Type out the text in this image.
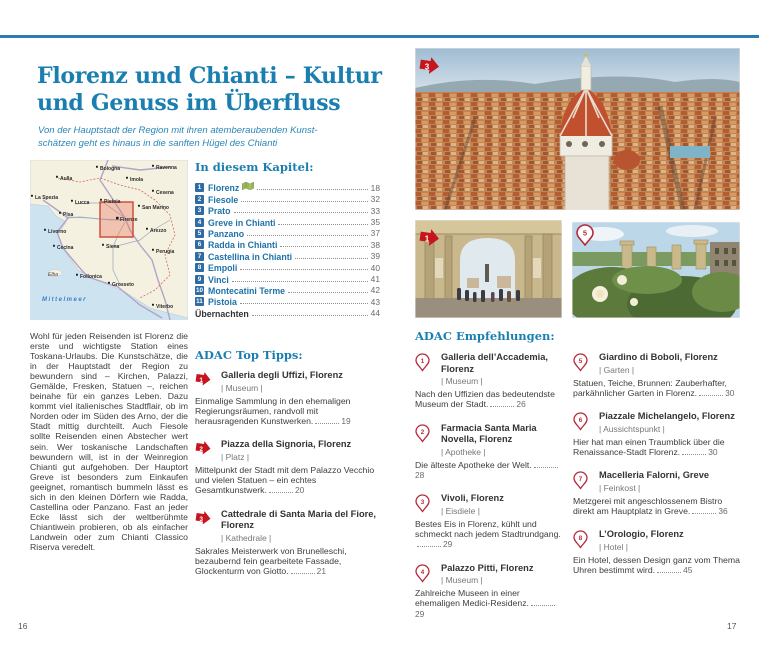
Florenz und Chianti – Kultur
und Genuss im Überfluss

Von der Hauptstadt der Region mit ihren atemberaubenden Kunst-
schätzen geht es hinaus in die sanften Hügel des Chianti

Bologna	Ravenna
Aulla	Imola
La Spezia
Cesena
Lucca	Pistoia
San Marino
Pisa
Firenze
Livorno	Arezzo
Cecina	Siena
Perugia
Elba	Follonica
Grosseto
Viterbo
Mittelmeer
In diesem Kapitel:
1 Florenz	18
2 Fiesole	32
3 Prato	33
4 Greve in Chianti	35
5 Panzano	37
6 Radda in Chianti	38
7 Castellina in Chianti	39
8 Empoli	40
9 Vinci	41
10 Montecatini Terme	42
11 Pistoia	43
Übernachten	44

Wohl für jeden Reisenden ist Florenz die erste und wichtigste Station eines Toskana-Urlaubs. Die Kunstschätze, die in der Hauptstadt der Region zu bewundern sind – Kirchen, Palazzi, Gemälde, Fresken, Statuen –, reichen beinahe für ein ganzes Leben. Dazu kommt viel italienisches Stadtflair, ob im Norden oder im Süden des Arno, der die Stadt mittig durchteilt. Auch Fiesole sollte Reisenden einen Abstecher wert sein. Wer toskanische Landschaften bewundern will, ist in der Weinregion Chianti gut aufgehoben. Der Hauptort Greve ist besonders zum Einkaufen geeignet, romantisch bummeln lässt es sich in den kleinen Dörfern wie Radda, Castellina oder Panzano. Fast an jeder Ecke lässt sich der weltberühmte Chiantiwein probieren, ob als einfacher Landwein oder zum Chianti Classico Riserva veredelt.

ADAC Top Tipps:
1
Galleria degli Uffizi, Florenz
| Museum |

Einmalige Sammlung in den ehemaligen Regierungsräumen, randvoll mit herausragenden Kunstwerken.	19

2
Piazza della Signoria, Florenz
| Platz |

Mittelpunkt der Stadt mit dem Palazzo Vecchio und vielen Statuen – ein echtes Gesamtkunstwerk.	20

3
Cattedrale di Santa Maria del Fiore, Florenz
| Kathedrale |

Sakrales Meisterwerk von Brunelleschi, bezaubernd fein gearbeitete Fassade, Glockenturm von Giotto.	21

3
1
5
ADAC Empfehlungen:
1 Galleria dell’Accademia, Florenz
| Museum |

Nach den Uffizien das bedeutendste Museum der Stadt.	26

2 Farmacia Santa Maria Novella, Florenz
| Apotheke |

Die älteste Apotheke der Welt.28

3 Vivoli, Florenz
| Eisdiele |

Bestes Eis in Florenz, kühlt und schmeckt nach jedem Stadtrundgang.29

4 Palazzo Pitti, Florenz
| Museum |

Zahlreiche Museen in einer ehemaligen Medici-Residenz.29

5 Giardino di Boboli, Florenz
| Garten |

Statuen, Teiche, Brunnen: Zauberhafter, parkähnlicher Garten in Florenz.	30

6 Piazzale Michelangelo, Florenz
| Aussichtspunkt |

Hier hat man einen Traumblick über die Renaissance-Stadt Florenz.	30

7 Macelleria Falorni, Greve
| Feinkost |

Metzgerei mit angeschlossenem Bistro direkt am Hauptplatz in Greve.	36

8 L’Orologio, Florenz
| Hotel |

Ein Hotel, dessen Design ganz vom Thema Uhren bestimmt wird.	45

16	17
